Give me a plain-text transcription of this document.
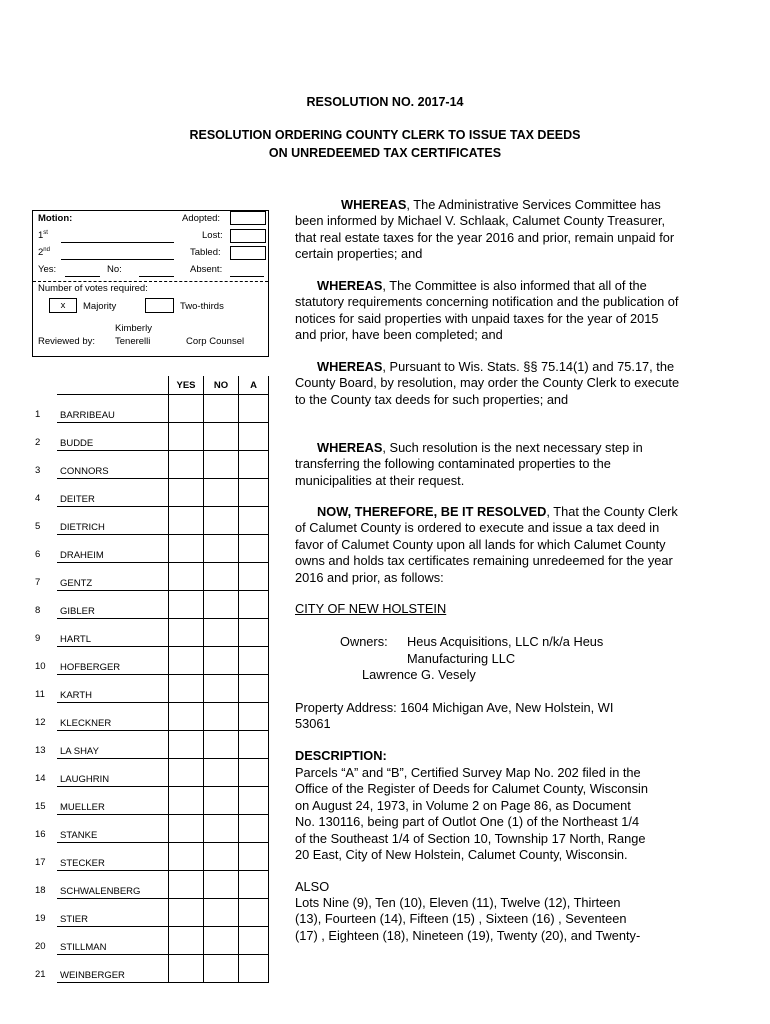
RESOLUTION NO. 2017-14
RESOLUTION ORDERING COUNTY CLERK TO ISSUE TAX DEEDS
ON UNREDEEMED TAX CERTIFICATES
Motion:	Adopted:
1st	Lost:
2nd	Tabled:
Yes:	No:	Absent:
Number of votes required:
x	Majority	Two-thirds
Reviewed by:
Kimberly
Tenerelli	Corp Counsel
		YES	NO	A
1	BARRIBEAU			

2	BUDDE			

3	CONNORS			

4	DEITER			

5	DIETRICH			

6	DRAHEIM			

7	GENTZ			

8	GIBLER			

9	HARTL			

10	HOFBERGER			

11	KARTH			

12	KLECKNER			

13	LA SHAY			

14	LAUGHRIN			

15	MUELLER			

16	STANKE			

17	STECKER			

18	SCHWALENBERG			

19	STIER			

20	STILLMAN			

21	WEINBERGER			

WHEREAS, The Administrative Services Committee has been informed by Michael V. Schlaak, Calumet County Treasurer, that real estate taxes for the year 2016 and prior, remain unpaid for certain properties; and
WHEREAS, The Committee is also informed that all of the statutory requirements concerning notification and the publication of notices for said properties with unpaid taxes for the year of 2015 and prior, have been completed; and
WHEREAS, Pursuant to Wis. Stats. §§ 75.14(1) and 75.17, the County Board, by resolution, may order the County Clerk to execute to the County tax deeds for such properties; and
WHEREAS, Such resolution is the next necessary step in transferring the following contaminated properties to the municipalities at their request.
NOW, THEREFORE, BE IT RESOLVED, That the County Clerk of Calumet County is ordered to execute and issue a tax deed in favor of Calumet County upon all lands for which Calumet County owns and holds tax certificates remaining unredeemed for the year 2016 and prior, as follows:
CITY OF NEW HOLSTEIN
Owners: Heus Acquisitions, LLC n/k/a Heus
Manufacturing LLC
Lawrence G. Vesely
Property Address: 1604 Michigan Ave, New Holstein, WI
53061
DESCRIPTION:
Parcels “A” and “B”, Certified Survey Map No. 202 filed in the
Office of the Register of Deeds for Calumet County, Wisconsin
on August 24, 1973, in Volume 2 on Page 86, as Document
No. 130116, being part of Outlot One (1) of the Northeast 1/4
of the Southeast 1/4 of Section 10, Township 17 North, Range
20 East, City of New Holstein, Calumet County, Wisconsin.
ALSO
Lots Nine (9), Ten (10), Eleven (11), Twelve (12), Thirteen
(13), Fourteen (14), Fifteen (15) , Sixteen (16) , Seventeen
(17) , Eighteen (18), Nineteen (19), Twenty (20), and Twenty-
